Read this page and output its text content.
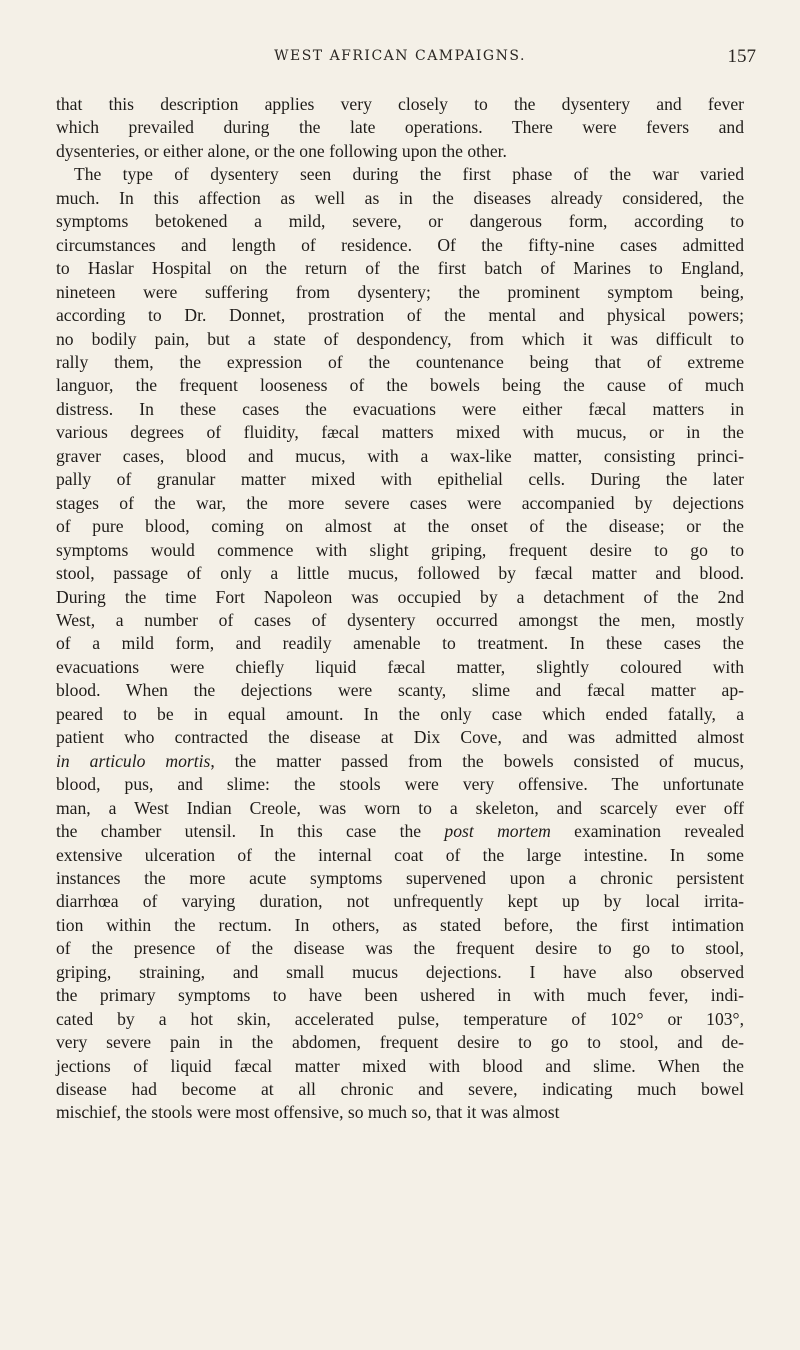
WEST AFRICAN CAMPAIGNS.	157

that this description applies very closely to the dysentery and fever
which prevailed during the late operations. There were fevers and
dysenteries, or either alone, or the one following upon the other.

The type of dysentery seen during the first phase of the war varied
much. In this affection as well as in the diseases already considered, the
symptoms betokened a mild, severe, or dangerous form, according to
circumstances and length of residence. Of the fifty-nine cases admitted
to Haslar Hospital on the return of the first batch of Marines to England,
nineteen were suffering from dysentery; the prominent symptom being,
according to Dr. Donnet, prostration of the mental and physical powers;
no bodily pain, but a state of despondency, from which it was difficult to
rally them, the expression of the countenance being that of extreme
languor, the frequent looseness of the bowels being the cause of much
distress. In these cases the evacuations were either fæcal matters in
various degrees of fluidity, fæcal matters mixed with mucus, or in the
graver cases, blood and mucus, with a wax-like matter, consisting princi-
pally of granular matter mixed with epithelial cells. During the later
stages of the war, the more severe cases were accompanied by dejections
of pure blood, coming on almost at the onset of the disease; or the
symptoms would commence with slight griping, frequent desire to go to
stool, passage of only a little mucus, followed by fæcal matter and blood.
During the time Fort Napoleon was occupied by a detachment of the 2nd
West, a number of cases of dysentery occurred amongst the men, mostly
of a mild form, and readily amenable to treatment. In these cases the
evacuations were chiefly liquid fæcal matter, slightly coloured with
blood. When the dejections were scanty, slime and fæcal matter ap-
peared to be in equal amount. In the only case which ended fatally, a
patient who contracted the disease at Dix Cove, and was admitted almost
in articulo mortis, the matter passed from the bowels consisted of mucus,
blood, pus, and slime: the stools were very offensive. The unfortunate
man, a West Indian Creole, was worn to a skeleton, and scarcely ever off
the chamber utensil. In this case the post mortem examination revealed
extensive ulceration of the internal coat of the large intestine. In some
instances the more acute symptoms supervened upon a chronic persistent
diarrhœa of varying duration, not unfrequently kept up by local irrita-
tion within the rectum. In others, as stated before, the first intimation
of the presence of the disease was the frequent desire to go to stool,
griping, straining, and small mucus dejections. I have also observed
the primary symptoms to have been ushered in with much fever, indi-
cated by a hot skin, accelerated pulse, temperature of 102° or 103°,
very severe pain in the abdomen, frequent desire to go to stool, and de-
jections of liquid fæcal matter mixed with blood and slime. When the
disease had become at all chronic and severe, indicating much bowel
mischief, the stools were most offensive, so much so, that it was almost
